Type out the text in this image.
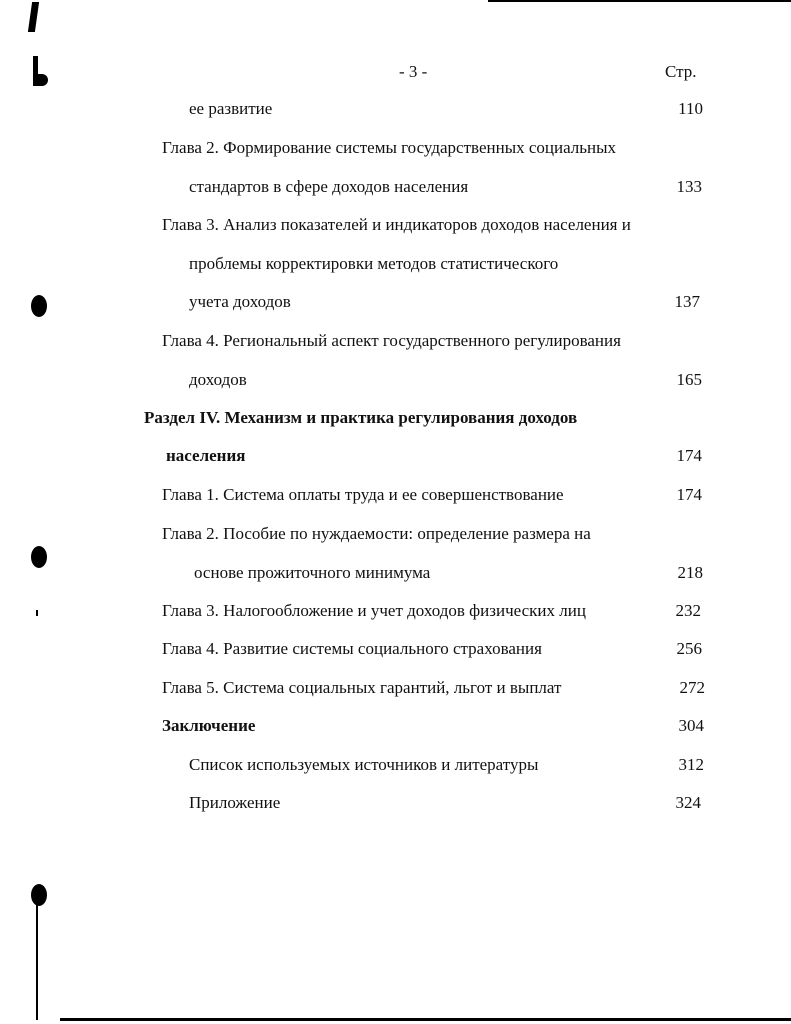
- 3 -	Стр.
ее развитие	110
Глава 2. Формирование системы государственных социальных
стандартов в сфере доходов населения	133
Глава 3. Анализ показателей и индикаторов доходов населения и
проблемы корректировки методов статистического
учета доходов	137
Глава 4. Региональный аспект государственного регулирования
доходов	165
Раздел IV. Механизм и практика регулирования доходов
населения	174
Глава 1. Система оплаты труда и ее совершенствование	174
Глава 2. Пособие по нуждаемости: определение размера на
основе прожиточного минимума	218
Глава 3. Налогообложение и учет доходов физических лиц	232
Глава 4. Развитие системы социального страхования	256
Глава 5. Система социальных гарантий, льгот и выплат	272
Заключение	304
Список используемых источников и литературы	312
Приложение	324
